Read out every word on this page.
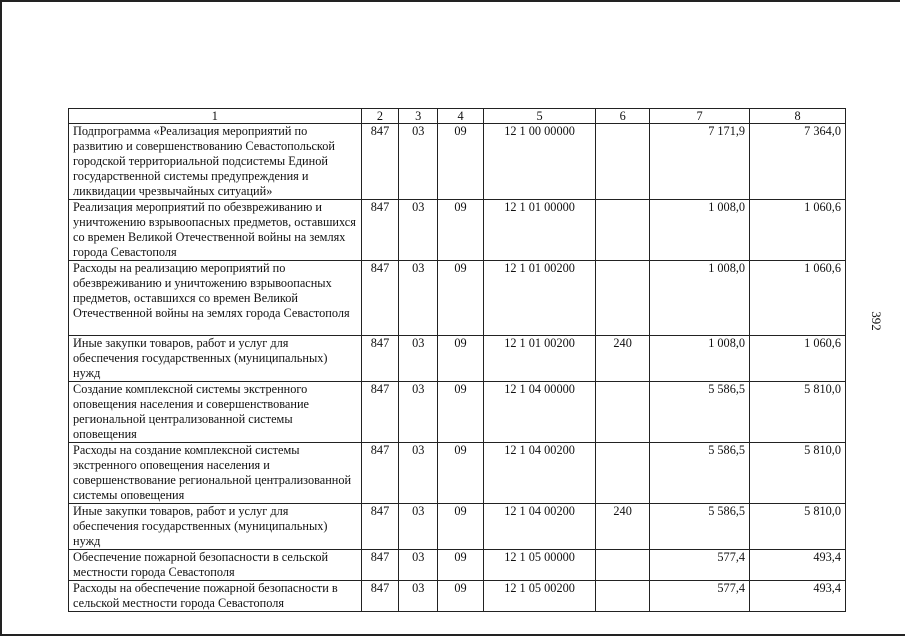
392
1	2	3	4	5	6	7	8
Подпрограмма «Реализация мероприятий по развитию и совершенствованию Севастопольской городской территориальной подсистемы Единой государственной системы предупреждения и ликвидации чрезвычайных ситуаций»	847	03	09	12 1 00 00000		7 171,9	7 364,0
Реализация мероприятий по обезвреживанию и уничтожению взрывоопасных предметов, оставшихся со времен Великой Отечественной войны на землях города Севастополя	847	03	09	12 1 01 00000		1 008,0	1 060,6
Расходы на реализацию мероприятий по обезвреживанию и уничтожению взрывоопасных предметов, оставшихся со времен Великой Отечественной войны на землях города Севастополя	847	03	09	12 1 01 00200		1 008,0	1 060,6
Иные закупки товаров, работ и услуг для обеспечения государственных (муниципальных) нужд	847	03	09	12 1 01 00200	240	1 008,0	1 060,6
Создание комплексной системы экстренного оповещения населения и совершенствование региональной централизованной системы оповещения	847	03	09	12 1 04 00000		5 586,5	5 810,0
Расходы на создание комплексной системы экстренного оповещения населения и совершенствование региональной централизованной системы оповещения	847	03	09	12 1 04 00200		5 586,5	5 810,0
Иные закупки товаров, работ и услуг для обеспечения государственных (муниципальных) нужд	847	03	09	12 1 04 00200	240	5 586,5	5 810,0
Обеспечение пожарной безопасности в сельской местности города Севастополя	847	03	09	12 1 05 00000		577,4	493,4
Расходы на обеспечение пожарной безопасности в сельской местности города Севастополя	847	03	09	12 1 05 00200		577,4	493,4
